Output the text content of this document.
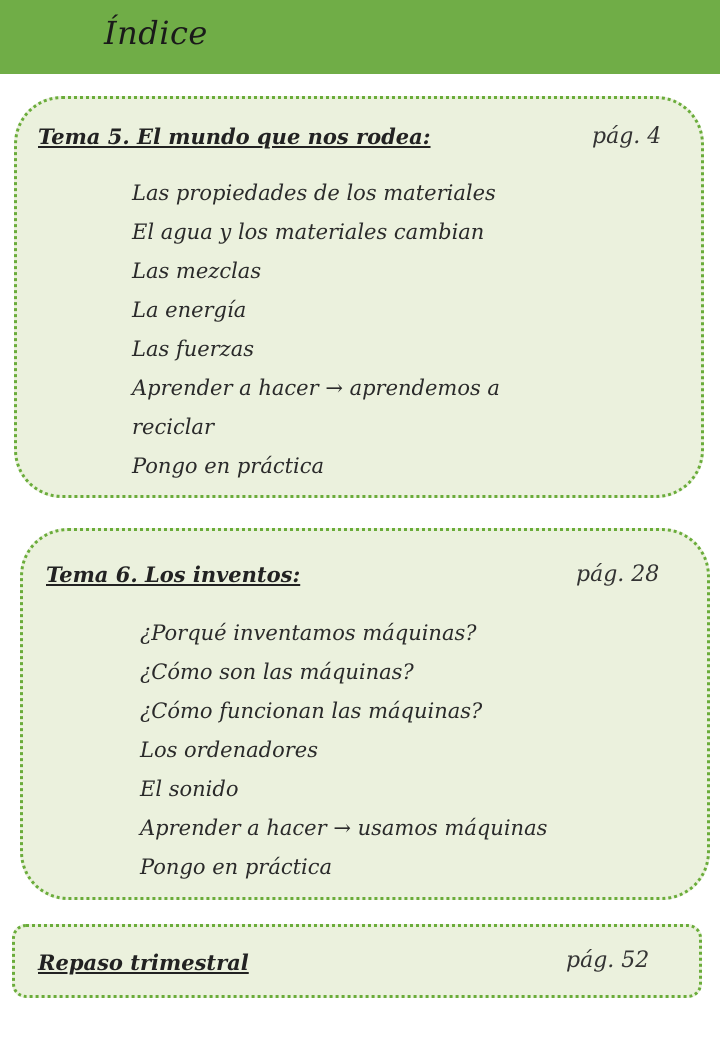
Índice
Tema 5. El mundo que nos rodea:	pág. 4
Las propiedades de los materiales
El agua y los materiales cambian
Las mezclas
La energía
Las fuerzas
Aprender a hacer → aprendemos a
reciclar
Pongo en práctica
Tema 6. Los inventos:	pág. 28
¿Porqué inventamos máquinas?
¿Cómo son las máquinas?
¿Cómo funcionan las máquinas?
Los ordenadores
El sonido
Aprender a hacer → usamos máquinas
Pongo en práctica
Repaso trimestral	pág. 52
